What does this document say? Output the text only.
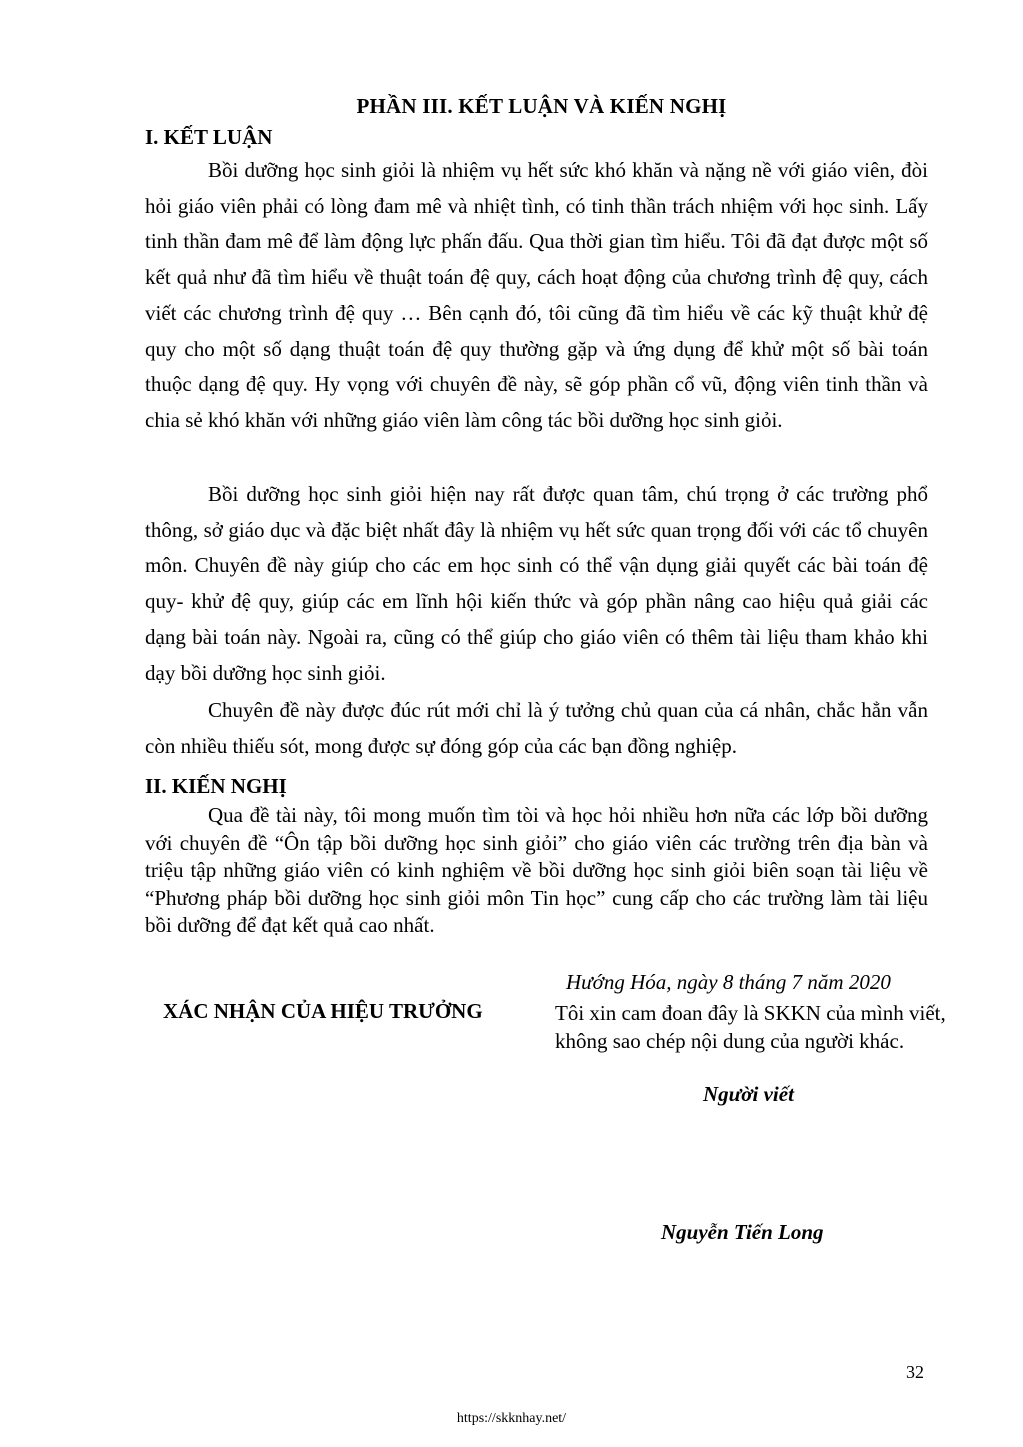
PHẦN III. KẾT LUẬN VÀ KIẾN NGHỊ
I. KẾT LUẬN

Bồi dưỡng học sinh giỏi là nhiệm vụ hết sức khó khăn và nặng nề với giáo viên, đòi hỏi giáo viên phải có lòng đam mê và nhiệt tình, có tinh thần trách nhiệm với học sinh. Lấy tinh thần đam mê để làm động lực phấn đấu. Qua thời gian tìm hiểu. Tôi đã đạt được một số kết quả như đã tìm hiểu về thuật toán đệ quy, cách hoạt động của chương trình đệ quy, cách viết các chương trình đệ quy … Bên cạnh đó, tôi cũng đã tìm hiểu về các kỹ thuật khử đệ quy cho một số dạng thuật toán đệ quy thường gặp và ứng dụng để khử một số bài toán thuộc dạng đệ quy. Hy vọng với chuyên đề này, sẽ góp phần cổ vũ, động viên tinh thần và chia sẻ khó khăn với những giáo viên làm công tác bồi dưỡng học sinh giỏi.

Bồi dưỡng học sinh giỏi hiện nay rất được quan tâm, chú trọng ở các trường phổ thông, sở giáo dục và đặc biệt nhất đây là nhiệm vụ hết sức quan trọng đối với các tổ chuyên môn. Chuyên đề này giúp cho các em học sinh có thể vận dụng giải quyết các bài toán đệ quy- khử đệ quy, giúp các em lĩnh hội kiến thức và góp phần nâng cao hiệu quả giải các dạng bài toán này. Ngoài ra, cũng có thể giúp cho giáo viên có thêm tài liệu tham khảo khi dạy bồi dưỡng học sinh giỏi.

Chuyên đề này được đúc rút mới chỉ là ý tưởng chủ quan của cá nhân, chắc hẳn vẫn còn nhiều thiếu sót, mong được sự đóng góp của các bạn đồng nghiệp.

II. KIẾN NGHỊ

Qua đề tài này, tôi mong muốn tìm tòi và học hỏi nhiều hơn nữa các lớp bồi dưỡng với chuyên đề “Ôn tập bồi dưỡng học sinh giỏi” cho giáo viên các trường trên địa bàn và triệu tập những giáo viên có kinh nghiệm về bồi dưỡng học sinh giỏi biên soạn tài liệu về “Phương pháp bồi dưỡng học sinh giỏi môn Tin học” cung cấp cho các trường làm tài liệu bồi dưỡng để đạt kết quả cao nhất.

Hướng Hóa, ngày 8 tháng 7 năm 2020
XÁC NHẬN CỦA HIỆU TRƯỞNG	Tôi xin cam đoan đây là SKKN của mình viết, không sao chép nội dung của người khác.

Người viết
Nguyễn Tiến Long
32
https://skknhay.net/
